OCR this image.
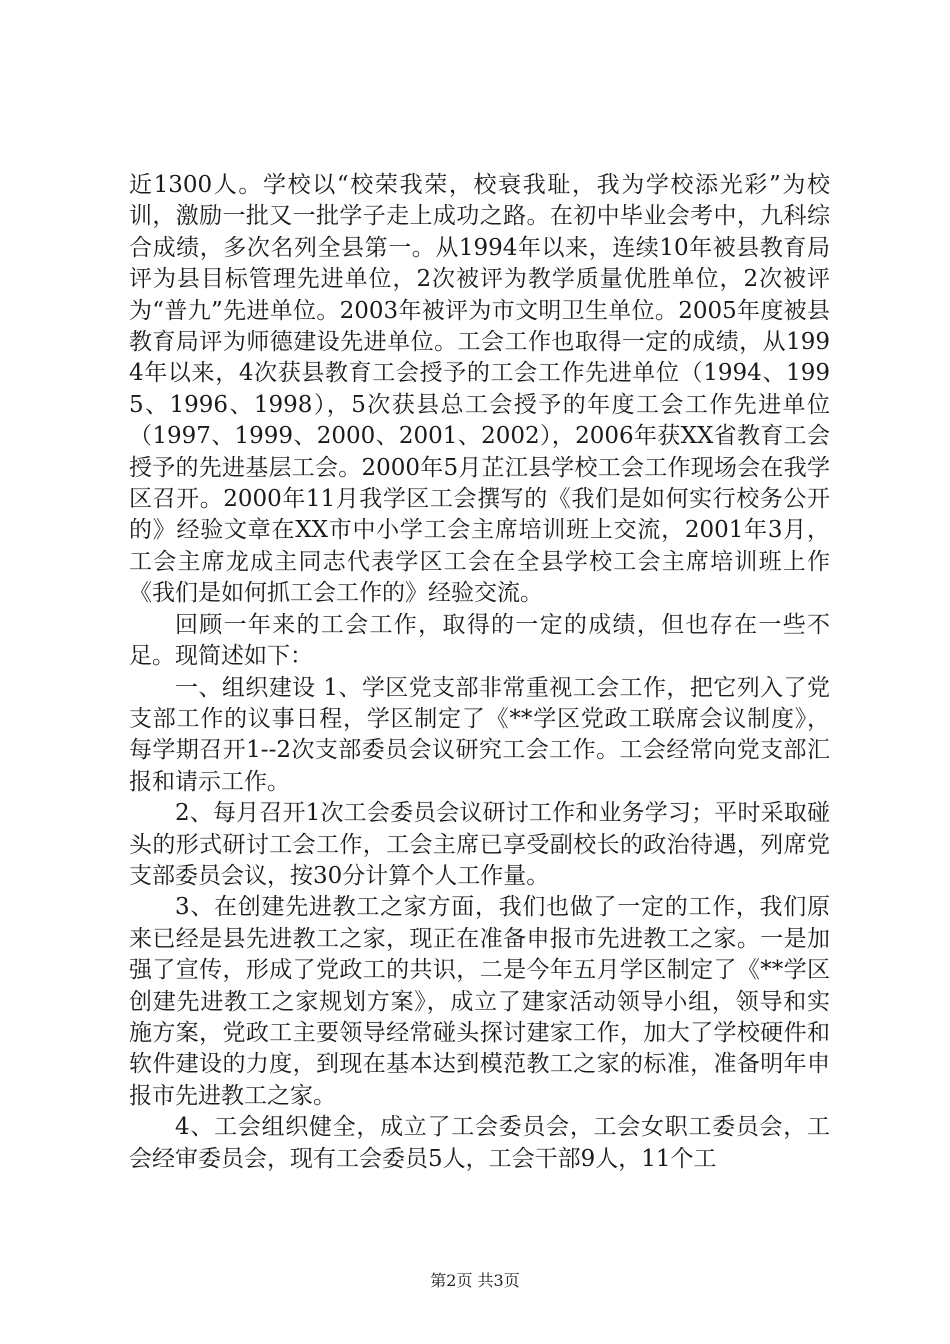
近1300人。学校以“校荣我荣，校衰我耻，我为学校添光彩”为校训，激励一批又一批学子走上成功之路。在初中毕业会考中，九科综合成绩，多次名列全县第一。从1994年以来，连续10年被县教育局评为县目标管理先进单位，2次被评为教学质量优胜单位，2次被评为“普九”先进单位。2003年被评为市文明卫生单位。2005年度被县教育局评为师德建设先进单位。工会工作也取得一定的成绩，从1994年以来，4次获县教育工会授予的工会工作先进单位（1994、1995、1996、1998），5次获县总工会授予的年度工会工作先进单位（1997、1999、2000、2001、2002），2006年获XX省教育工会授予的先进基层工会。2000年5月芷江县学校工会工作现场会在我学区召开。2000年11月我学区工会撰写的《我们是如何实行校务公开的》经验文章在XX市中小学工会主席培训班上交流，2001年3月，工会主席龙成主同志代表学区工会在全县学校工会主席培训班上作《我们是如何抓工会工作的》经验交流。

回顾一年来的工会工作，取得的一定的成绩，但也存在一些不足。现简述如下：

一、组织建设 1、学区党支部非常重视工会工作，把它列入了党支部工作的议事日程，学区制定了《**学区党政工联席会议制度》，每学期召开1--2次支部委员会议研究工会工作。工会经常向党支部汇报和请示工作。

2、每月召开1次工会委员会议研讨工作和业务学习；平时采取碰头的形式研讨工会工作，工会主席已享受副校长的政治待遇，列席党支部委员会议，按30分计算个人工作量。

3、在创建先进教工之家方面，我们也做了一定的工作，我们原来已经是县先进教工之家，现正在准备申报市先进教工之家。一是加强了宣传，形成了党政工的共识，二是今年五月学区制定了《**学区创建先进教工之家规划方案》，成立了建家活动领导小组，领导和实施方案，党政工主要领导经常碰头探讨建家工作，加大了学校硬件和软件建设的力度，到现在基本达到模范教工之家的标准，准备明年申报市先进教工之家。

4、工会组织健全，成立了工会委员会，工会女职工委员会，工会经审委员会，现有工会委员5人，工会干部9人，11个工

第2页 共3页
